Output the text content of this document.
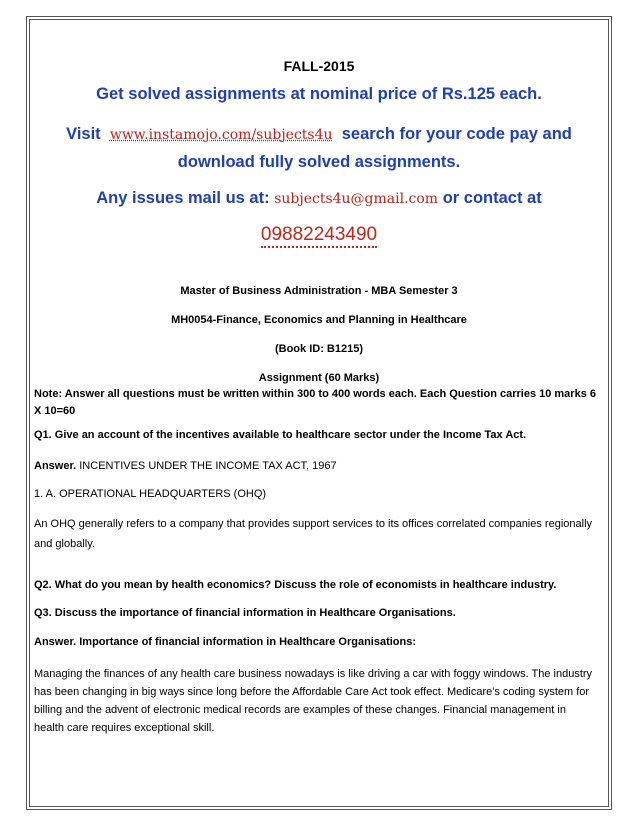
FALL-2015
Get solved assignments at nominal price of Rs.125 each.
Visit www.instamojo.com/subjects4u search for your code pay and
download fully solved assignments.
Any issues mail us at: subjects4u@gmail.com or contact at
09882243490
Master of Business Administration - MBA Semester 3
MH0054-Finance, Economics and Planning in Healthcare
(Book ID: B1215)
Assignment (60 Marks)
Note: Answer all questions must be written within 300 to 400 words each. Each Question carries 10 marks 6 X 10=60
Q1. Give an account of the incentives available to healthcare sector under the Income Tax Act.
Answer. INCENTIVES UNDER THE INCOME TAX ACT, 1967
1. A. OPERATIONAL HEADQUARTERS (OHQ)
An OHQ generally refers to a company that provides support services to its offices correlated companies regionally and globally.
Q2. What do you mean by health economics? Discuss the role of economists in healthcare industry.
Q3. Discuss the importance of financial information in Healthcare Organisations.
Answer. Importance of financial information in Healthcare Organisations:
Managing the finances of any health care business nowadays is like driving a car with foggy windows. The industry has been changing in big ways since long before the Affordable Care Act took effect. Medicare's coding system for billing and the advent of electronic medical records are examples of these changes. Financial management in health care requires exceptional skill.
